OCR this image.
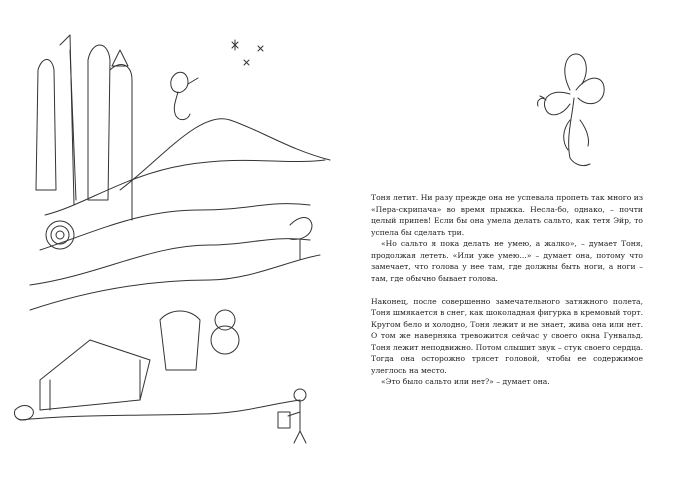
Тоня летит. Ни разу прежде она не успевала пропеть так много из «Пера-скрипача» во время прыжка. Несла-бо, однако, – почти целый припев! Если бы она умела делать сальто, как тетя Эйр, то успела бы сделать три.

«Но сальто я пока делать не умею, а жалко», – думает Тоня, продолжая лететь. «Или уже умею...» – думает она, потому что замечает, что голова у нее там, где должны быть ноги, а ноги – там, где обычно бывает голова.

Наконец, после совершенно замечательного затяжного полета, Тоня шмякается в снег, как шоколадная фигурка в кремовый торт. Кругом бело и холодно, Тоня лежит и не знает, жива она или нет. О том же наверняка тревожится сейчас у своего окна Гунвальд. Тоня лежит неподвижно. Потом слышит звук – стук своего сердца. Тогда она осторожно трясет головой, чтобы ее содержимое улеглось на место.

«Это было сальто или нет?» – думает она.
